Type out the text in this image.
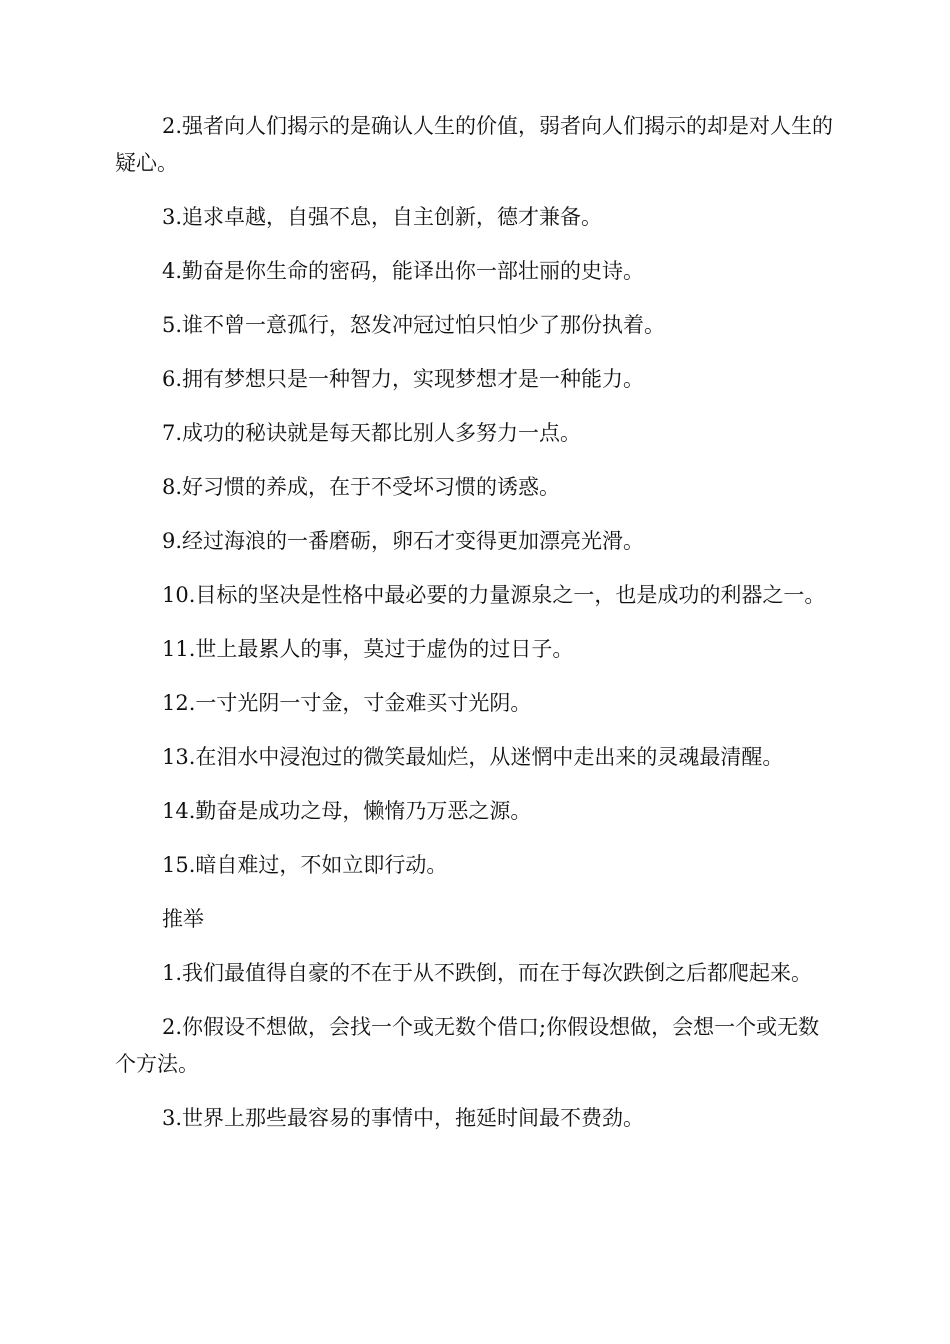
2.强者向人们揭示的是确认人生的价值，弱者向人们揭示的却是对人生的疑心。

3.追求卓越，自强不息，自主创新，德才兼备。

4.勤奋是你生命的密码，能译出你一部壮丽的史诗。

5.谁不曾一意孤行，怒发冲冠过怕只怕少了那份执着。

6.拥有梦想只是一种智力，实现梦想才是一种能力。

7.成功的秘诀就是每天都比别人多努力一点。

8.好习惯的养成，在于不受坏习惯的诱惑。

9.经过海浪的一番磨砺，卵石才变得更加漂亮光滑。

10.目标的坚决是性格中最必要的力量源泉之一，也是成功的利器之一。

11.世上最累人的事，莫过于虚伪的过日子。

12.一寸光阴一寸金，寸金难买寸光阴。

13.在泪水中浸泡过的微笑最灿烂，从迷惘中走出来的灵魂最清醒。

14.勤奋是成功之母，懒惰乃万恶之源。

15.暗自难过，不如立即行动。

推举

1.我们最值得自豪的不在于从不跌倒，而在于每次跌倒之后都爬起来。

2.你假设不想做，会找一个或无数个借口;你假设想做，会想一个或无数个方法。

3.世界上那些最容易的事情中，拖延时间最不费劲。
